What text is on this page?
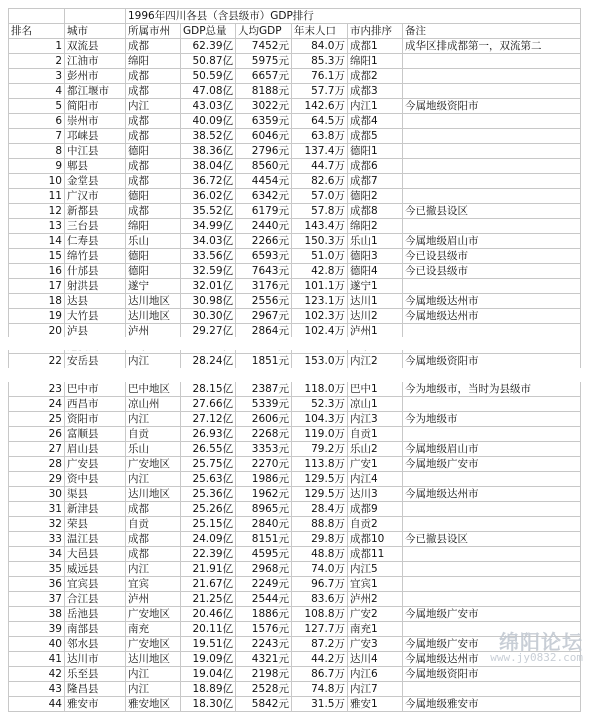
		1996年四川各县（含县级市）GDP排行					
排名	城市	所属市州	GDP总量	人均GDP	年末人口	市内排序	备注
1	双流县	成都	62.39亿	7452元	84.0万	成都1	成华区排成都第一，双流第二
2	江油市	绵阳	50.87亿	5975元	85.3万	绵阳1	
3	彭州市	成都	50.59亿	6657元	76.1万	成都2	
4	都江堰市	成都	47.08亿	8188元	57.7万	成都3	
5	简阳市	内江	43.03亿	3022元	142.6万	内江1	今属地级资阳市
6	崇州市	成都	40.09亿	6359元	64.5万	成都4	
7	邛崃县	成都	38.52亿	6046元	63.8万	成都5	
8	中江县	德阳	38.36亿	2796元	137.4万	德阳1	
9	郫县	成都	38.04亿	8560元	44.7万	成都6	
10	金堂县	成都	36.72亿	4454元	82.6万	成都7	
11	广汉市	德阳	36.02亿	6342元	57.0万	德阳2	
12	新都县	成都	35.52亿	6179元	57.8万	成都8	今已撤县设区
13	三台县	绵阳	34.99亿	2440元	143.4万	绵阳2	
14	仁寿县	乐山	34.03亿	2266元	150.3万	乐山1	今属地级眉山市
15	绵竹县	德阳	33.56亿	6593元	51.0万	德阳3	今已设县级市
16	什邡县	德阳	32.59亿	7643元	42.8万	德阳4	今已设县级市
17	射洪县	遂宁	32.01亿	3176元	101.1万	遂宁1	
18	达县	达川地区	30.98亿	2556元	123.1万	达川1	今属地级达州市
19	大竹县	达川地区	30.30亿	2967元	102.3万	达川2	今属地级达州市
20	泸县	泸州	29.27亿	2864元	102.4万	泸州1	

22	安岳县	内江	28.24亿	1851元	153.0万	内江2	今属地级资阳市
23	巴中市	巴中地区	28.15亿	2387元	118.0万	巴中1	今为地级市，当时为县级市
24	西昌市	凉山州	27.66亿	5339元	52.3万	凉山1	
25	资阳市	内江	27.12亿	2606元	104.3万	内江3	今为地级市
26	富顺县	自贡	26.93亿	2268元	119.0万	自贡1	
27	眉山县	乐山	26.55亿	3353元	79.2万	乐山2	今属地级眉山市
28	广安县	广安地区	25.75亿	2270元	113.8万	广安1	今属地级广安市
29	资中县	内江	25.63亿	1986元	129.5万	内江4	
30	渠县	达川地区	25.36亿	1962元	129.5万	达川3	今属地级达州市
31	新津县	成都	25.26亿	8965元	28.4万	成都9	
32	荣县	自贡	25.15亿	2840元	88.8万	自贡2	
33	温江县	成都	24.09亿	8151元	29.8万	成都10	今已撤县设区
34	大邑县	成都	22.39亿	4595元	48.8万	成都11	
35	威远县	内江	21.91亿	2968元	74.0万	内江5	
36	宜宾县	宜宾	21.67亿	2249元	96.7万	宜宾1	
37	合江县	泸州	21.25亿	2544元	83.6万	泸州2	
38	岳池县	广安地区	20.46亿	1886元	108.8万	广安2	今属地级广安市
39	南部县	南充	20.11亿	1576元	127.7万	南充1	
40	邻水县	广安地区	19.51亿	2243元	87.2万	广安3	今属地级广安市
41	达川市	达川地区	19.09亿	4321元	44.2万	达川4	今属地级达州市
42	乐至县	内江	19.04亿	2198元	86.7万	内江6	今属地级资阳市
43	隆昌县	内江	18.89亿	2528元	74.8万	内江7	
44	雅安市	雅安地区	18.30亿	5842元	31.5万	雅安1	今属地级雅安市
绵阳论坛
www.jy0832.com
